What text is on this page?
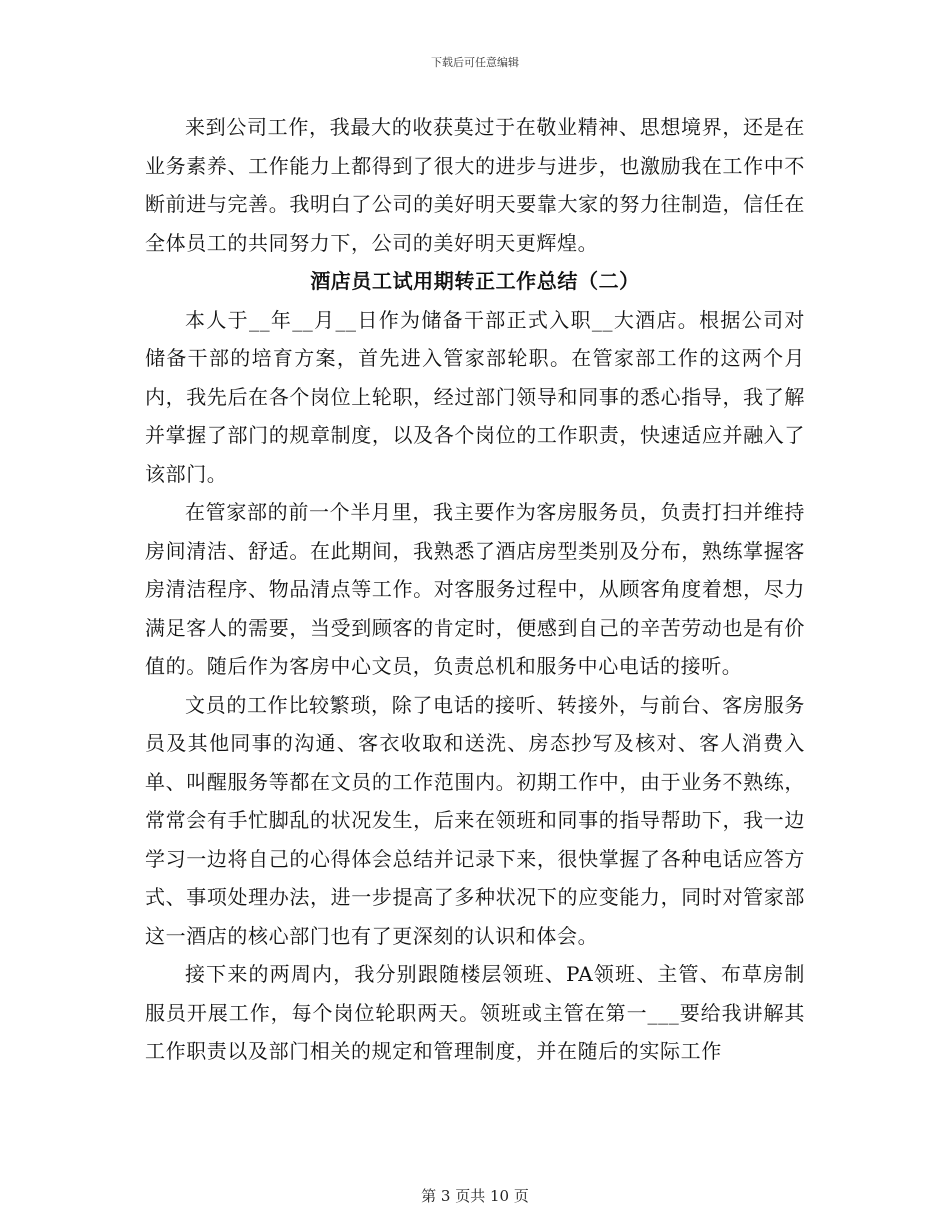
下载后可任意编辑

来到公司工作，我最大的收获莫过于在敬业精神、思想境界，还是在业务素养、工作能力上都得到了很大的进步与进步，也激励我在工作中不断前进与完善。我明白了公司的美好明天要靠大家的努力往制造，信任在全体员工的共同努力下，公司的美好明天更辉煌。

酒店员工试用期转正工作总结（二）

本人于__年__月__日作为储备干部正式入职__大酒店。根据公司对储备干部的培育方案，首先进入管家部轮职。在管家部工作的这两个月内，我先后在各个岗位上轮职，经过部门领导和同事的悉心指导，我了解并掌握了部门的规章制度，以及各个岗位的工作职责，快速适应并融入了该部门。

在管家部的前一个半月里，我主要作为客房服务员，负责打扫并维持房间清洁、舒适。在此期间，我熟悉了酒店房型类别及分布，熟练掌握客房清洁程序、物品清点等工作。对客服务过程中，从顾客角度着想，尽力满足客人的需要，当受到顾客的肯定时，便感到自己的辛苦劳动也是有价值的。随后作为客房中心文员，负责总机和服务中心电话的接听。

文员的工作比较繁琐，除了电话的接听、转接外，与前台、客房服务员及其他同事的沟通、客衣收取和送洗、房态抄写及核对、客人消费入单、叫醒服务等都在文员的工作范围内。初期工作中，由于业务不熟练，常常会有手忙脚乱的状况发生，后来在领班和同事的指导帮助下，我一边学习一边将自己的心得体会总结并记录下来，很快掌握了各种电话应答方式、事项处理办法，进一步提高了多种状况下的应变能力，同时对管家部这一酒店的核心部门也有了更深刻的认识和体会。

接下来的两周内，我分别跟随楼层领班、PA领班、主管、布草房制服员开展工作，每个岗位轮职两天。领班或主管在第一___要给我讲解其工作职责以及部门相关的规定和管理制度，并在随后的实际工作

第 3 页共 10 页
